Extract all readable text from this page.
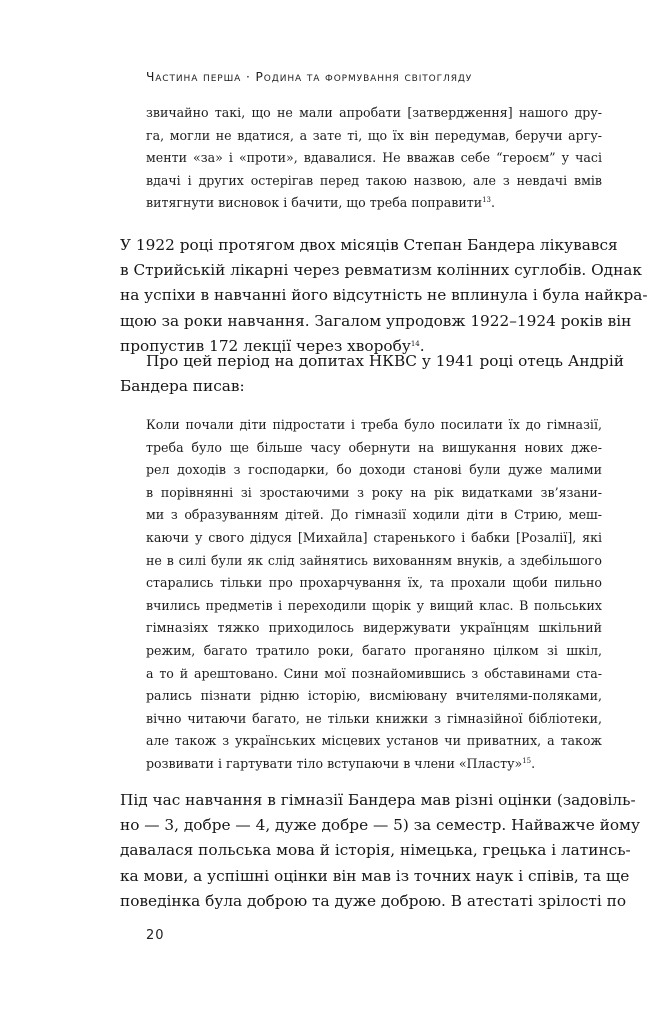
Частина перша · Родина та формування світогляду
звичайно такі, що не мали апробати [затвердження] нашого дру-
га, могли не вдатися, а зате ті, що їх він передумав, беручи аргу-
менти «за» і «проти», вдавалися. Не вважав себе “героєм” у часі
вдачі і других остерігав перед такою назвою, але з невдачі вмів
витягнути висновок і бачити, що треба поправити$^{13}$.
У 1922 році протягом двох місяців Степан Бандера лікувався
в Стрийській лікарні через ревматизм колінних суглобів. Однак
на успіхи в навчанні його відсутність не вплинула і була найкра-
щою за роки навчання. Загалом упродовж 1922–1924 років він
пропустив 172 лекції через хворобу$^{14}$.
Про цей період на допитах НКВС у 1941 році отець Андрій
Бандера писав:
Коли почали діти підростати і треба було посилати їх до гімназії,
треба було ще більше часу обернути на вишукання нових дже-
рел доходів з господарки, бо доходи станові були дуже малими
в порівнянні зі зростаючими з року на рік видатками зв’язани-
ми з образуванням дітей. До гімназії ходили діти в Стрию, меш-
каючи у свого дідуся [Михайла] старенького і бабки [Розалії], які
не в силі були як слід зайнятись вихованням внуків, а здебільшого
старались тільки про прохарчування їх, та прохали щоби пильно
вчились предметів і переходили щорік у вищий клас. В польських
гімназіях тяжко приходилось видержувати українцям шкільний
режим, багато тратило роки, багато проганяно цілком зі шкіл,
а то й арештовано. Сини мої познайомившись з обставинами ста-
рались пізнати рідню історію, висміювану вчителями-поляками,
вічно читаючи багато, не тільки книжки з гімназійної бібліотеки,
але також з українських місцевих установ чи приватних, а також
розвивати і гартувати тіло вступаючи в члени «Пласту»$^{15}$.
Під час навчання в гімназії Бандера мав різні оцінки (задовіль-
но — 3, добре — 4, дуже добре — 5) за семестр. Найважче йому
давалася польська мова й історія, німецька, грецька і латинсь-
ка мови, а успішні оцінки він мав із точних наук і співів, та ще
поведінка була доброю та дуже доброю. В атестаті зрілості по
20
